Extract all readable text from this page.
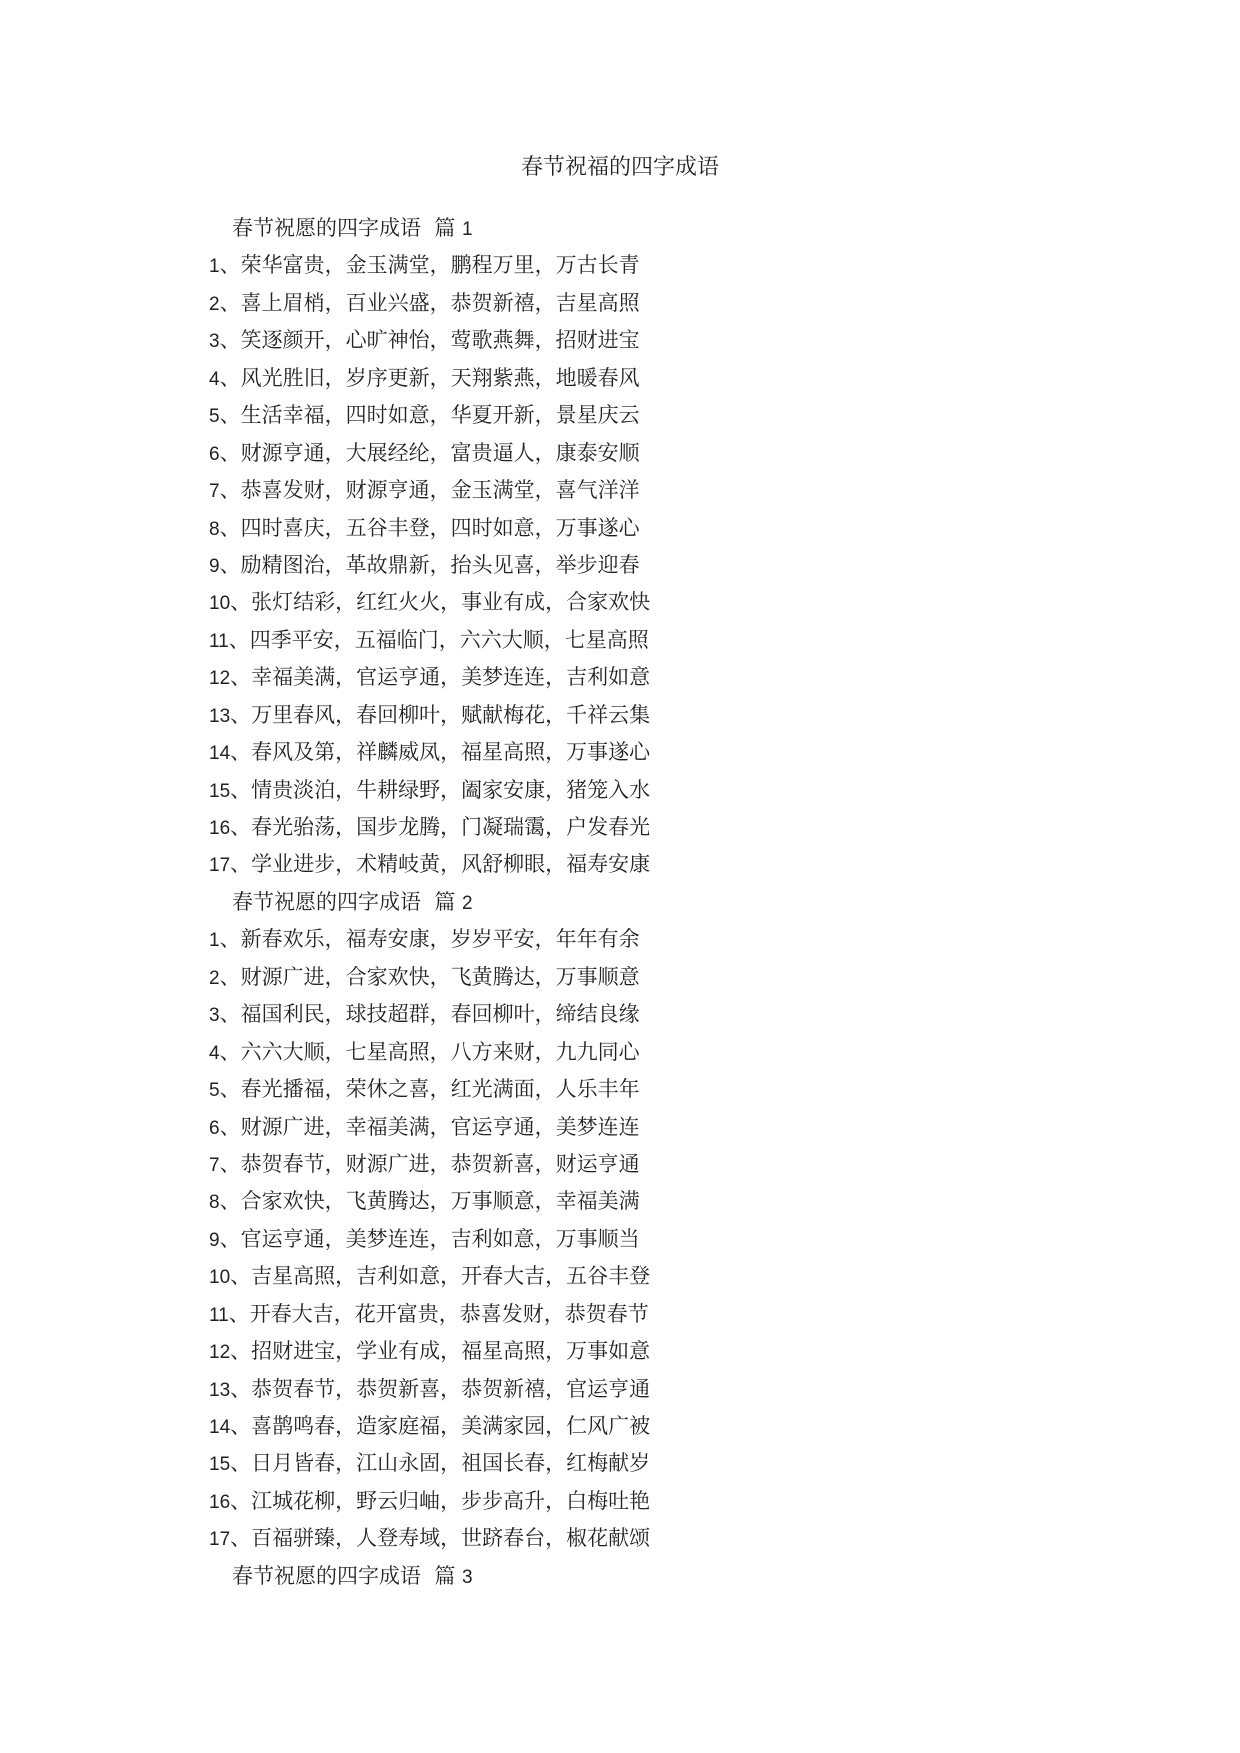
春节祝福的四字成语
春节祝愿的四字成语 篇 1
1、荣华富贵，金玉满堂，鹏程万里，万古长青
2、喜上眉梢，百业兴盛，恭贺新禧，吉星高照
3、笑逐颜开，心旷神怡，莺歌燕舞，招财进宝
4、风光胜旧，岁序更新，天翔紫燕，地暖春风
5、生活幸福，四时如意，华夏开新，景星庆云
6、财源亨通，大展经纶，富贵逼人，康泰安顺
7、恭喜发财，财源亨通，金玉满堂，喜气洋洋
8、四时喜庆，五谷丰登，四时如意，万事遂心
9、励精图治，革故鼎新，抬头见喜，举步迎春
10、张灯结彩，红红火火，事业有成，合家欢快
11、四季平安，五福临门，六六大顺，七星高照
12、幸福美满，官运亨通，美梦连连，吉利如意
13、万里春风，春回柳叶，赋献梅花，千祥云集
14、春风及第，祥麟威凤，福星高照，万事遂心
15、情贵淡泊，牛耕绿野，阖家安康，猪笼入水
16、春光骀荡，国步龙腾，门凝瑞霭，户发春光
17、学业进步，术精岐黄，风舒柳眼，福寿安康
春节祝愿的四字成语 篇 2
1、新春欢乐，福寿安康，岁岁平安，年年有余
2、财源广进，合家欢快，飞黄腾达，万事顺意
3、福国利民，球技超群，春回柳叶，缔结良缘
4、六六大顺，七星高照，八方来财，九九同心
5、春光播福，荣休之喜，红光满面，人乐丰年
6、财源广进，幸福美满，官运亨通，美梦连连
7、恭贺春节，财源广进，恭贺新喜，财运亨通
8、合家欢快，飞黄腾达，万事顺意，幸福美满
9、官运亨通，美梦连连，吉利如意，万事顺当
10、吉星高照，吉利如意，开春大吉，五谷丰登
11、开春大吉，花开富贵，恭喜发财，恭贺春节
12、招财进宝，学业有成，福星高照，万事如意
13、恭贺春节，恭贺新喜，恭贺新禧，官运亨通
14、喜鹊鸣春，造家庭福，美满家园，仁风广被
15、日月皆春，江山永固，祖国长春，红梅献岁
16、江城花柳，野云归岫，步步高升，白梅吐艳
17、百福骈臻，人登寿域，世跻春台，椒花献颂
春节祝愿的四字成语 篇 3
